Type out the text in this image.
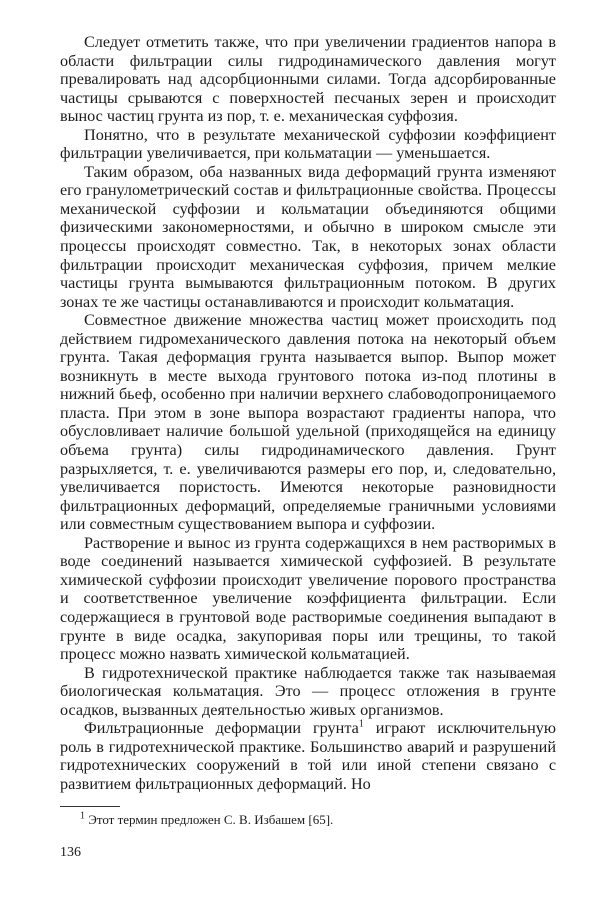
Следует отметить также, что при увеличении градиентов напора в области фильтрации силы гидродинамического давления могут превалировать над адсорбционными силами. Тогда адсорбированные частицы срываются с поверхностей песчаных зерен и происходит вынос частиц грунта из пор, т. е. механическая суффозия.

Понятно, что в результате механической суффозии коэффициент фильтрации увеличивается, при кольматации — уменьшается.

Таким образом, оба названных вида деформаций грунта изменяют его гранулометрический состав и фильтрационные свойства. Процессы механической суффозии и кольматации объединяются общими физическими закономерностями, и обычно в широком смысле эти процессы происходят совместно. Так, в некоторых зонах области фильтрации происходит механическая суффозия, причем мелкие частицы грунта вымываются фильтрационным потоком. В других зонах те же частицы останавливаются и происходит кольматация.

Совместное движение множества частиц может происходить под действием гидромеханического давления потока на некоторый объем грунта. Такая деформация грунта называется выпор. Выпор может возникнуть в месте выхода грунтового потока из-под плотины в нижний бьеф, особенно при наличии верхнего слабоводопроницаемого пласта. При этом в зоне выпора возрастают градиенты напора, что обусловливает наличие большой удельной (приходящейся на единицу объема грунта) силы гидродинамического давления. Грунт разрыхляется, т. е. увеличиваются размеры его пор, и, следовательно, увеличивается пористость. Имеются некоторые разновидности фильтрационных деформаций, определяемые граничными условиями или совместным существованием выпора и суффозии.

Растворение и вынос из грунта содержащихся в нем растворимых в воде соединений называется химической суффозией. В результате химической суффозии происходит увеличение порового пространства и соответственное увеличение коэффициента фильтрации. Если содержащиеся в грунтовой воде растворимые соединения выпадают в грунте в виде осадка, закупоривая поры или трещины, то такой процесс можно назвать химической кольматацией.

В гидротехнической практике наблюдается также так называемая биологическая кольматация. Это — процесс отложения в грунте осадков, вызванных деятельностью живых организмов.

Фильтрационные деформации грунта$^1$ играют исключительную роль в гидротехнической практике. Большинство аварий и разрушений гидротехнических сооружений в той или иной степени связано с развитием фильтрационных деформаций. Но

$^1$ Этот термин предложен С. В. Избашем [65].

136
